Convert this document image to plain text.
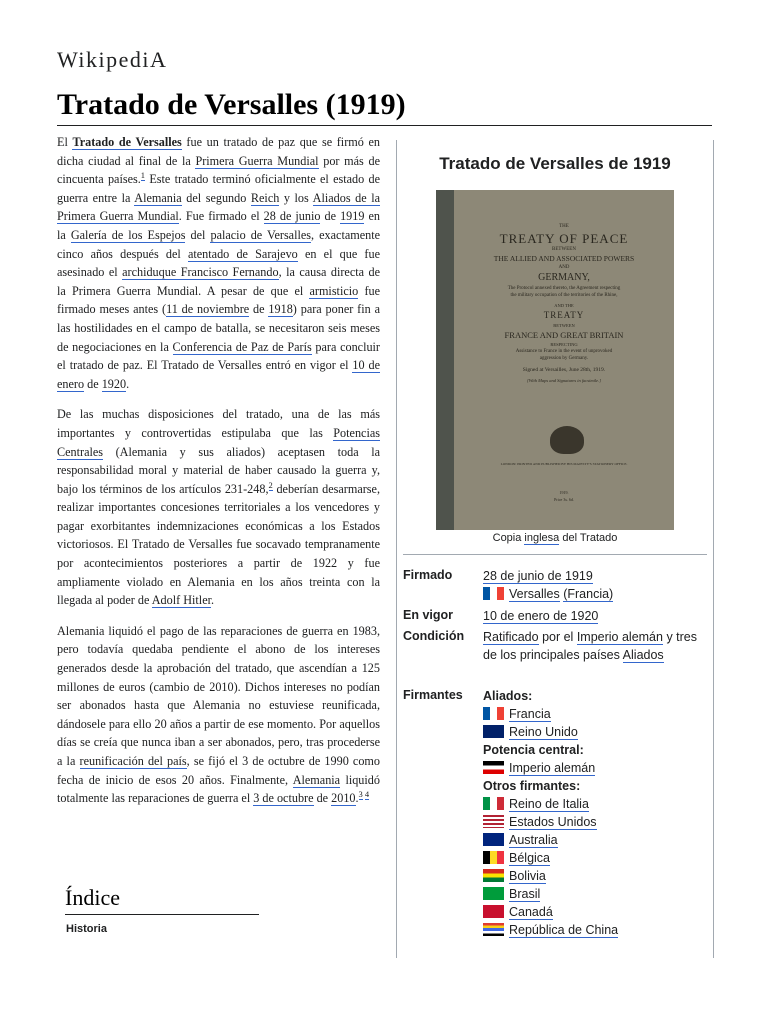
WikipediA
Tratado de Versalles (1919)

El Tratado de Versalles fue un tratado de paz que se firmó en dicha ciudad al final de la Primera Guerra Mundial por más de cincuenta países.$^1$ Este tratado terminó oficialmente el estado de guerra entre la Alemania del segundo Reich y los Aliados de la Primera Guerra Mundial. Fue firmado el 28 de junio de 1919 en la Galería de los Espejos del palacio de Versalles, exactamente cinco años después del atentado de Sarajevo en el que fue asesinado el archiduque Francisco Fernando, la causa directa de la Primera Guerra Mundial. A pesar de que el armisticio fue firmado meses antes (11 de noviembre de 1918) para poner fin a las hostilidades en el campo de batalla, se necesitaron seis meses de negociaciones en la Conferencia de Paz de París para concluir el tratado de paz. El Tratado de Versalles entró en vigor el 10 de enero de 1920.

De las muchas disposiciones del tratado, una de las más importantes y controvertidas estipulaba que las Potencias Centrales (Alemania y sus aliados) aceptasen toda la responsabilidad moral y material de haber causado la guerra y, bajo los términos de los artículos 231-248,$^2$ deberían desarmarse, realizar importantes concesiones territoriales a los vencedores y pagar exorbitantes indemnizaciones económicas a los Estados victoriosos. El Tratado de Versalles fue socavado tempranamente por acontecimientos posteriores a partir de 1922 y fue ampliamente violado en Alemania en los años treinta con la llegada al poder de Adolf Hitler.

Alemania liquidó el pago de las reparaciones de guerra en 1983, pero todavía quedaba pendiente el abono de los intereses generados desde la aprobación del tratado, que ascendían a 125 millones de euros (cambio de 2010). Dichos intereses no podían ser abonados hasta que Alemania no estuviese reunificada, dándosele para ello 20 años a partir de ese momento. Por aquellos días se creía que nunca iban a ser abonados, pero, tras procederse a la reunificación del país, se fijó el 3 de octubre de 1990 como fecha de inicio de esos 20 años. Finalmente, Alemania liquidó totalmente las reparaciones de guerra el 3 de octubre de 2010.$^{3 4}$

Índice
Historia
Tratado de Versalles de 1919
THE
TREATY OF PEACE
BETWEEN
THE ALLIED AND ASSOCIATED POWERS
AND
GERMANY,
The Protocol annexed thereto, the Agreement respecting
the military occupation of the territories of the Rhine,
AND THE
TREATY
BETWEEN
FRANCE AND GREAT BRITAIN
RESPECTING
Assistance to France in the event of unprovoked
aggression by Germany.
Signed at Versailles, June 28th, 1919.
[With Maps and Signatures in facsimile.]
LONDON: PRINTED AND PUBLISHED BY HIS MAJESTY'S STATIONERY OFFICE.
1919.
Price 3s. 6d.
Copia inglesa del Tratado
Firmado 28 de junio de 1919
Versalles (Francia)
En vigor 10 de enero de 1920
Condición Ratificado por el Imperio alemán y tres de los principales países Aliados
Firmantes Aliados:
Francia
Reino Unido
Potencia central:
Imperio alemán
Otros firmantes:
Reino de Italia
Estados Unidos
Australia
Bélgica
Bolivia
Brasil
Canadá
República de China
